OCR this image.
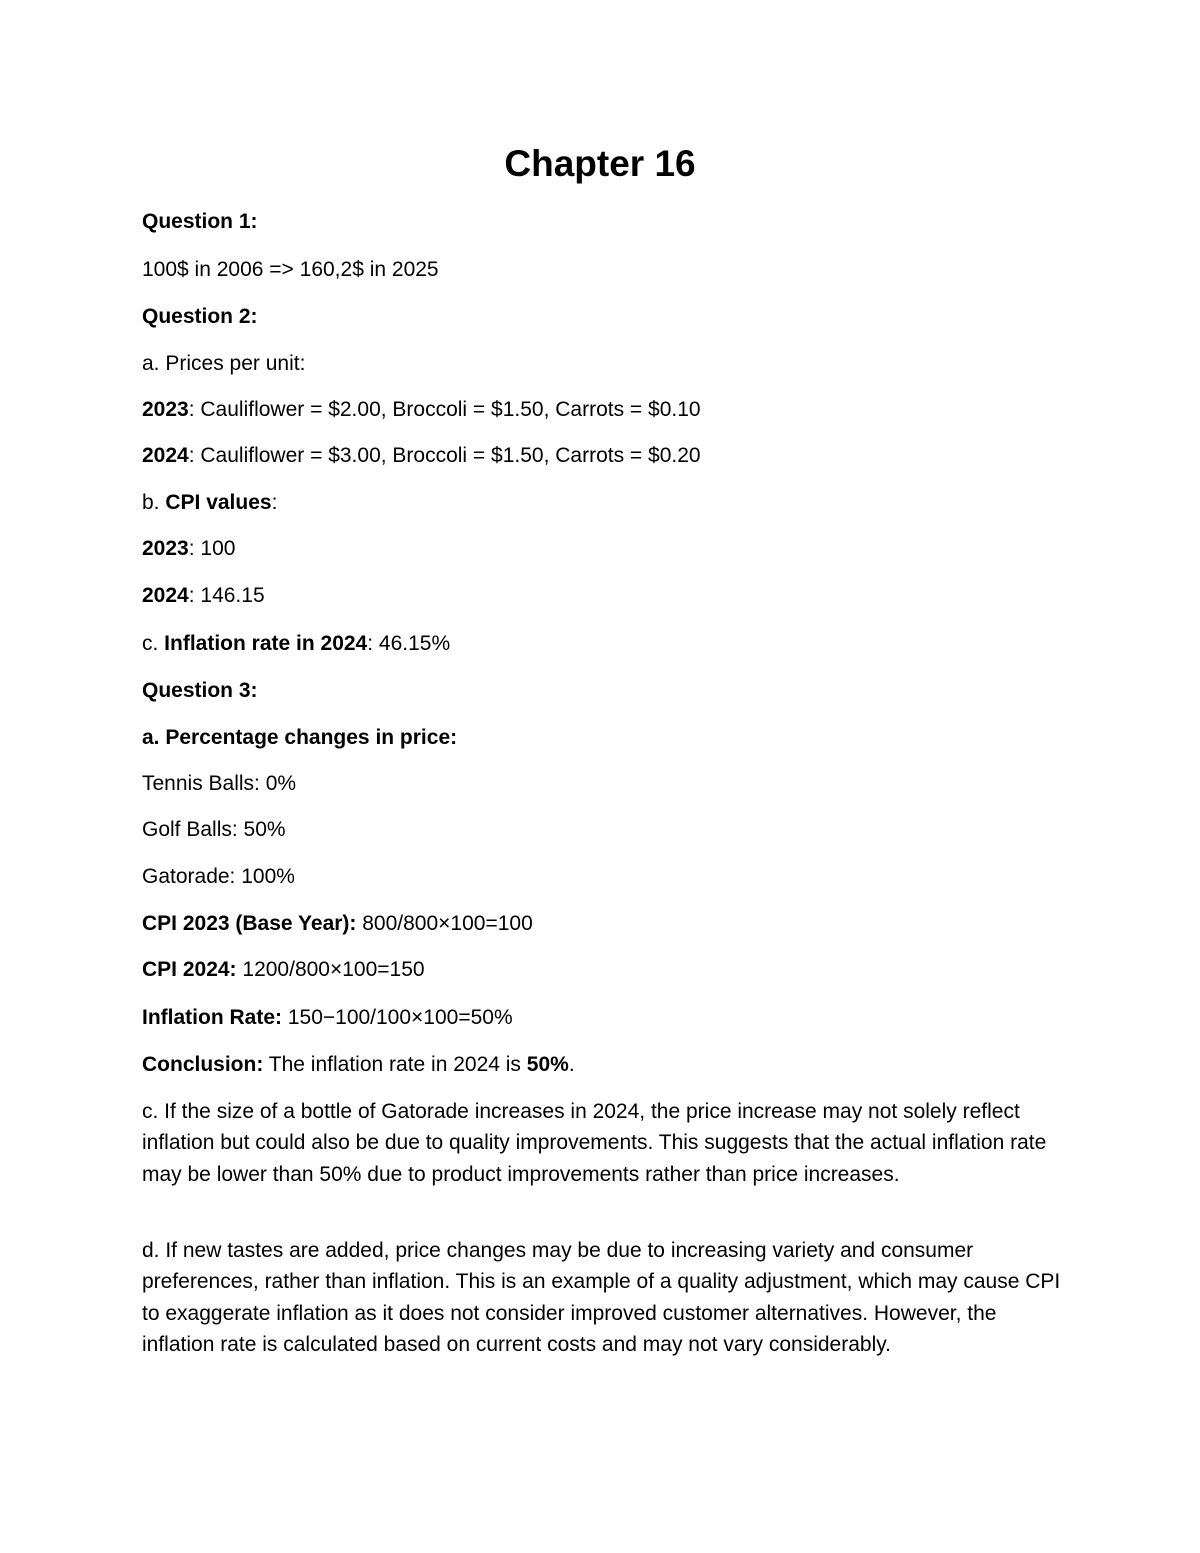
Chapter 16

Question 1:

100$ in 2006 => 160,2$ in 2025

Question 2:

a. Prices per unit:

2023: Cauliflower = $2.00, Broccoli = $1.50, Carrots = $0.10

2024: Cauliflower = $3.00, Broccoli = $1.50, Carrots = $0.20

b. CPI values:

2023: 100

2024: 146.15

c. Inflation rate in 2024: 46.15%

Question 3:

a. Percentage changes in price:

Tennis Balls: 0%

Golf Balls: 50%

Gatorade: 100%

CPI 2023 (Base Year): 800/800×100=100

CPI 2024: 1200/800×100=150

Inflation Rate: 150−100/100×100=50%

Conclusion: The inflation rate in 2024 is 50%.

c. If the size of a bottle of Gatorade increases in 2024, the price increase may not solely reflect inflation but could also be due to quality improvements. This suggests that the actual inflation rate may be lower than 50% due to product improvements rather than price increases.

d. If new tastes are added, price changes may be due to increasing variety and consumer preferences, rather than inflation. This is an example of a quality adjustment, which may cause CPI to exaggerate inflation as it does not consider improved customer alternatives. However, the inflation rate is calculated based on current costs and may not vary considerably.
